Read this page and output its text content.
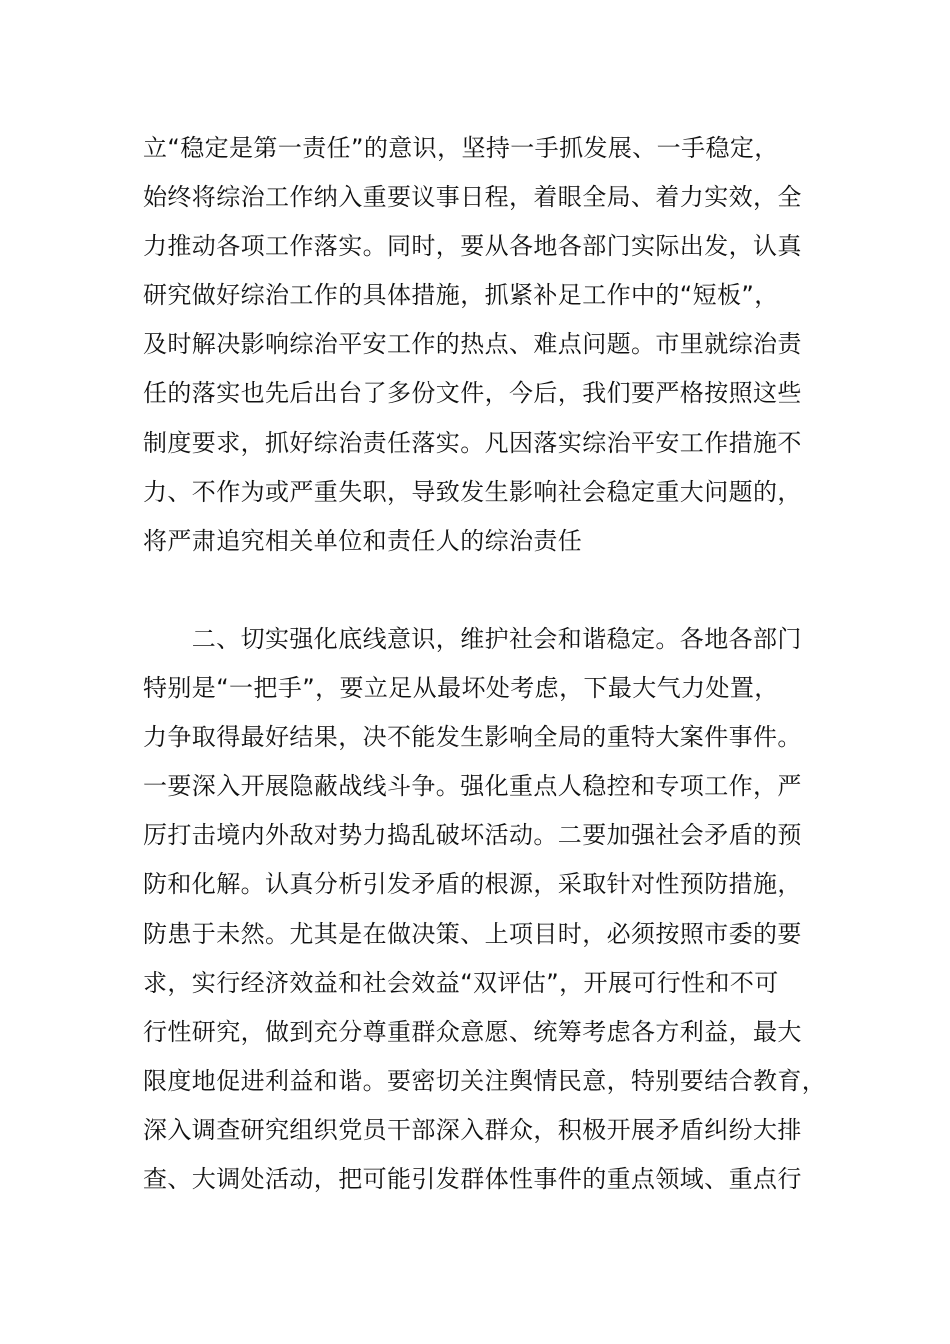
立“稳定是第一责任”的意识，坚持一手抓发展、一手稳定，
始终将综治工作纳入重要议事日程，着眼全局、着力实效，全
力推动各项工作落实。同时，要从各地各部门实际出发，认真
研究做好综治工作的具体措施，抓紧补足工作中的“短板”，
及时解决影响综治平安工作的热点、难点问题。市里就综治责
任的落实也先后出台了多份文件，今后，我们要严格按照这些
制度要求，抓好综治责任落实。凡因落实综治平安工作措施不
力、不作为或严重失职，导致发生影响社会稳定重大问题的，
将严肃追究相关单位和责任人的综治责任
　　二、切实强化底线意识，维护社会和谐稳定。各地各部门
特别是“一把手”，要立足从最坏处考虑，下最大气力处置，
力争取得最好结果，决不能发生影响全局的重特大案件事件。
一要深入开展隐蔽战线斗争。强化重点人稳控和专项工作，严
厉打击境内外敌对势力捣乱破坏活动。二要加强社会矛盾的预
防和化解。认真分析引发矛盾的根源，采取针对性预防措施，
防患于未然。尤其是在做决策、上项目时，必须按照市委的要
求，实行经济效益和社会效益“双评估”，开展可行性和不可
行性研究，做到充分尊重群众意愿、统筹考虑各方利益，最大
限度地促进利益和谐。要密切关注舆情民意，特别要结合教育，
深入调查研究组织党员干部深入群众，积极开展矛盾纠纷大排
查、大调处活动，把可能引发群体性事件的重点领域、重点行
